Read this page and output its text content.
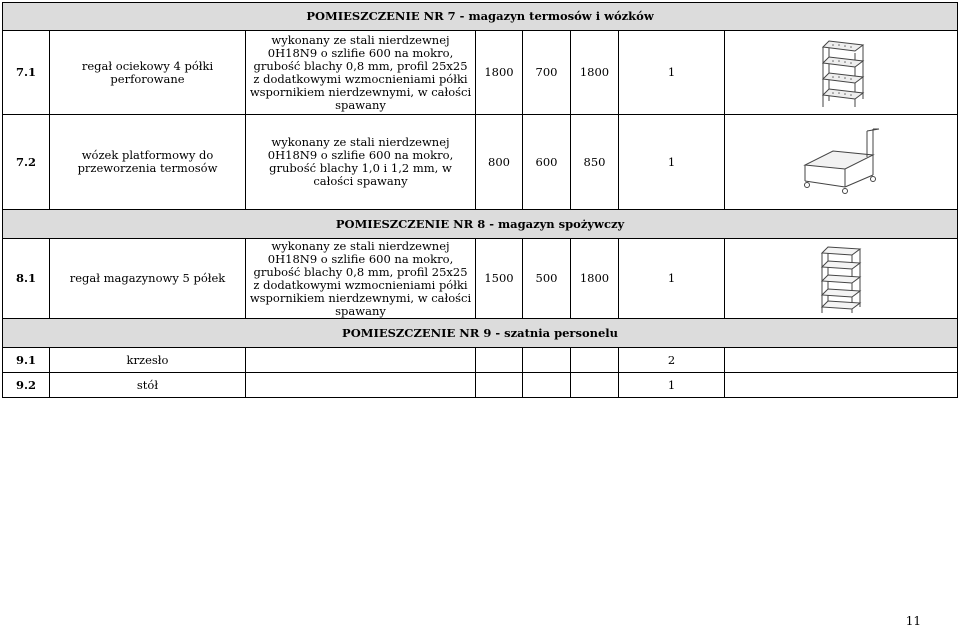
POMIESZCZENIE NR 7 - magazyn termosów i wózków							
7.1	regał ociekowy 4 półki perforowane	wykonany ze stali nierdzewnej 0H18N9 o szlifie 600 na mokro, grubość blachy 0,8 mm, profil 25x25 z dodatkowymi wzmocnieniami półki wspornikiem nierdzewnymi, w całości spawany	1800	700	1800	1	

7.2	wózek platformowy do przeworzenia termosów	wykonany ze stali nierdzewnej 0H18N9 o szlifie 600 na mokro, grubość blachy 1,0 i 1,2 mm, w całości spawany	800	600	850	1	

POMIESZCZENIE NR 8 - magazyn spożywczy							
8.1	regał magazynowy 5 półek	wykonany ze stali nierdzewnej 0H18N9 o szlifie 600 na mokro, grubość blachy 0,8 mm, profil 25x25 z dodatkowymi wzmocnieniami półki wspornikiem nierdzewnymi, w całości spawany	1500	500	1800	1	

POMIESZCZENIE NR 9 - szatnia personelu							
9.1	krzesło					2	
9.2	stół					1	
11
